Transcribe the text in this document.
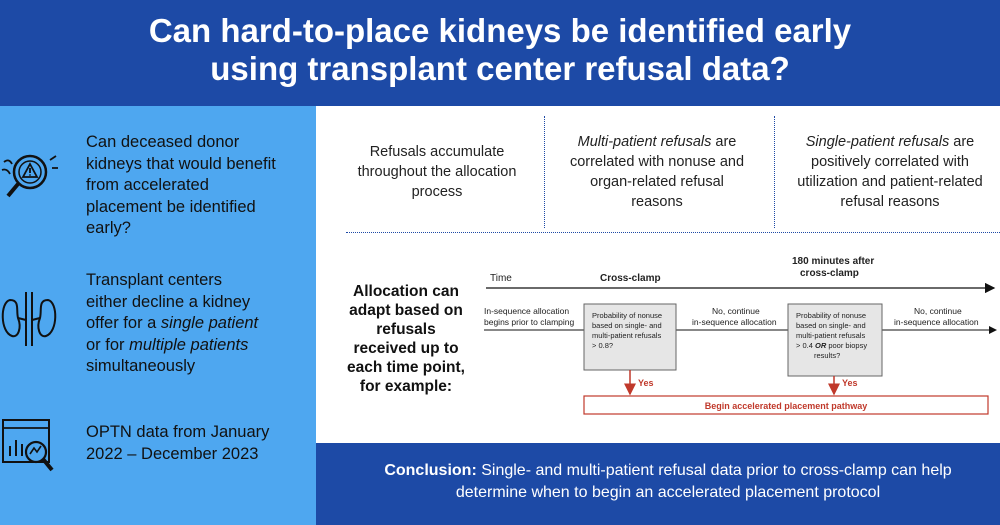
Can hard-to-place kidneys be identified early
using transplant center refusal data?
Can deceased donor
kidneys that would benefit
from accelerated
placement be identified
early?
Transplant centers
either decline a kidney
offer for a single patient
or for multiple patients
simultaneously
OPTN data from January
2022 – December 2023
Refusals accumulate
throughout the allocation
process
Multi-patient refusals are
correlated with nonuse and
organ-related refusal
reasons
Single-patient refusals are
positively correlated with
utilization and patient-related
refusal reasons
Allocation can
adapt based on
refusals
received up to
each time point,
for example:
Time	Cross-clamp
180 minutes after
cross-clamp
In-sequence allocation
begins prior to clamping
Probability of nonuse
based on single- and
multi-patient refusals
> 0.8?
No, continue
in-sequence allocation
Probability of nonuse
based on single- and
multi-patient refusals
> 0.4 OR poor biopsy
results?
No, continue
in-sequence allocation
Yes	Yes
Begin accelerated placement pathway
Conclusion: Single- and multi-patient refusal data prior to cross-clamp can help
determine when to begin an accelerated placement protocol
